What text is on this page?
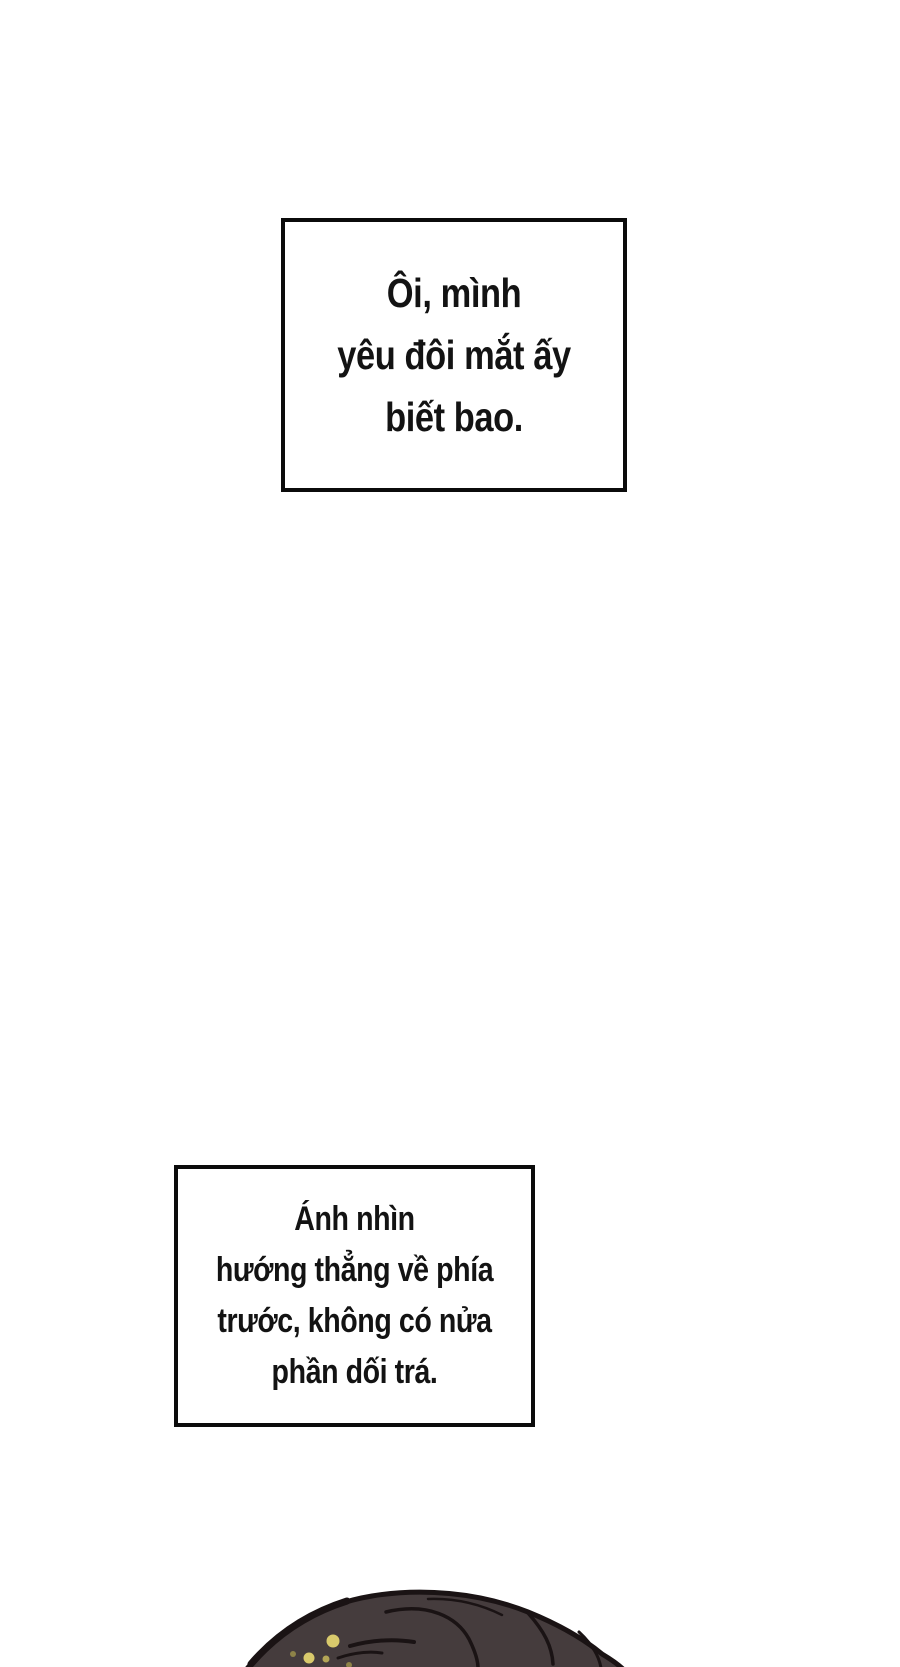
Ôi, mình
yêu đôi mắt ấy
biết bao.
Ánh nhìn
hướng thẳng về phía
trước, không có nửa
phần dối trá.
